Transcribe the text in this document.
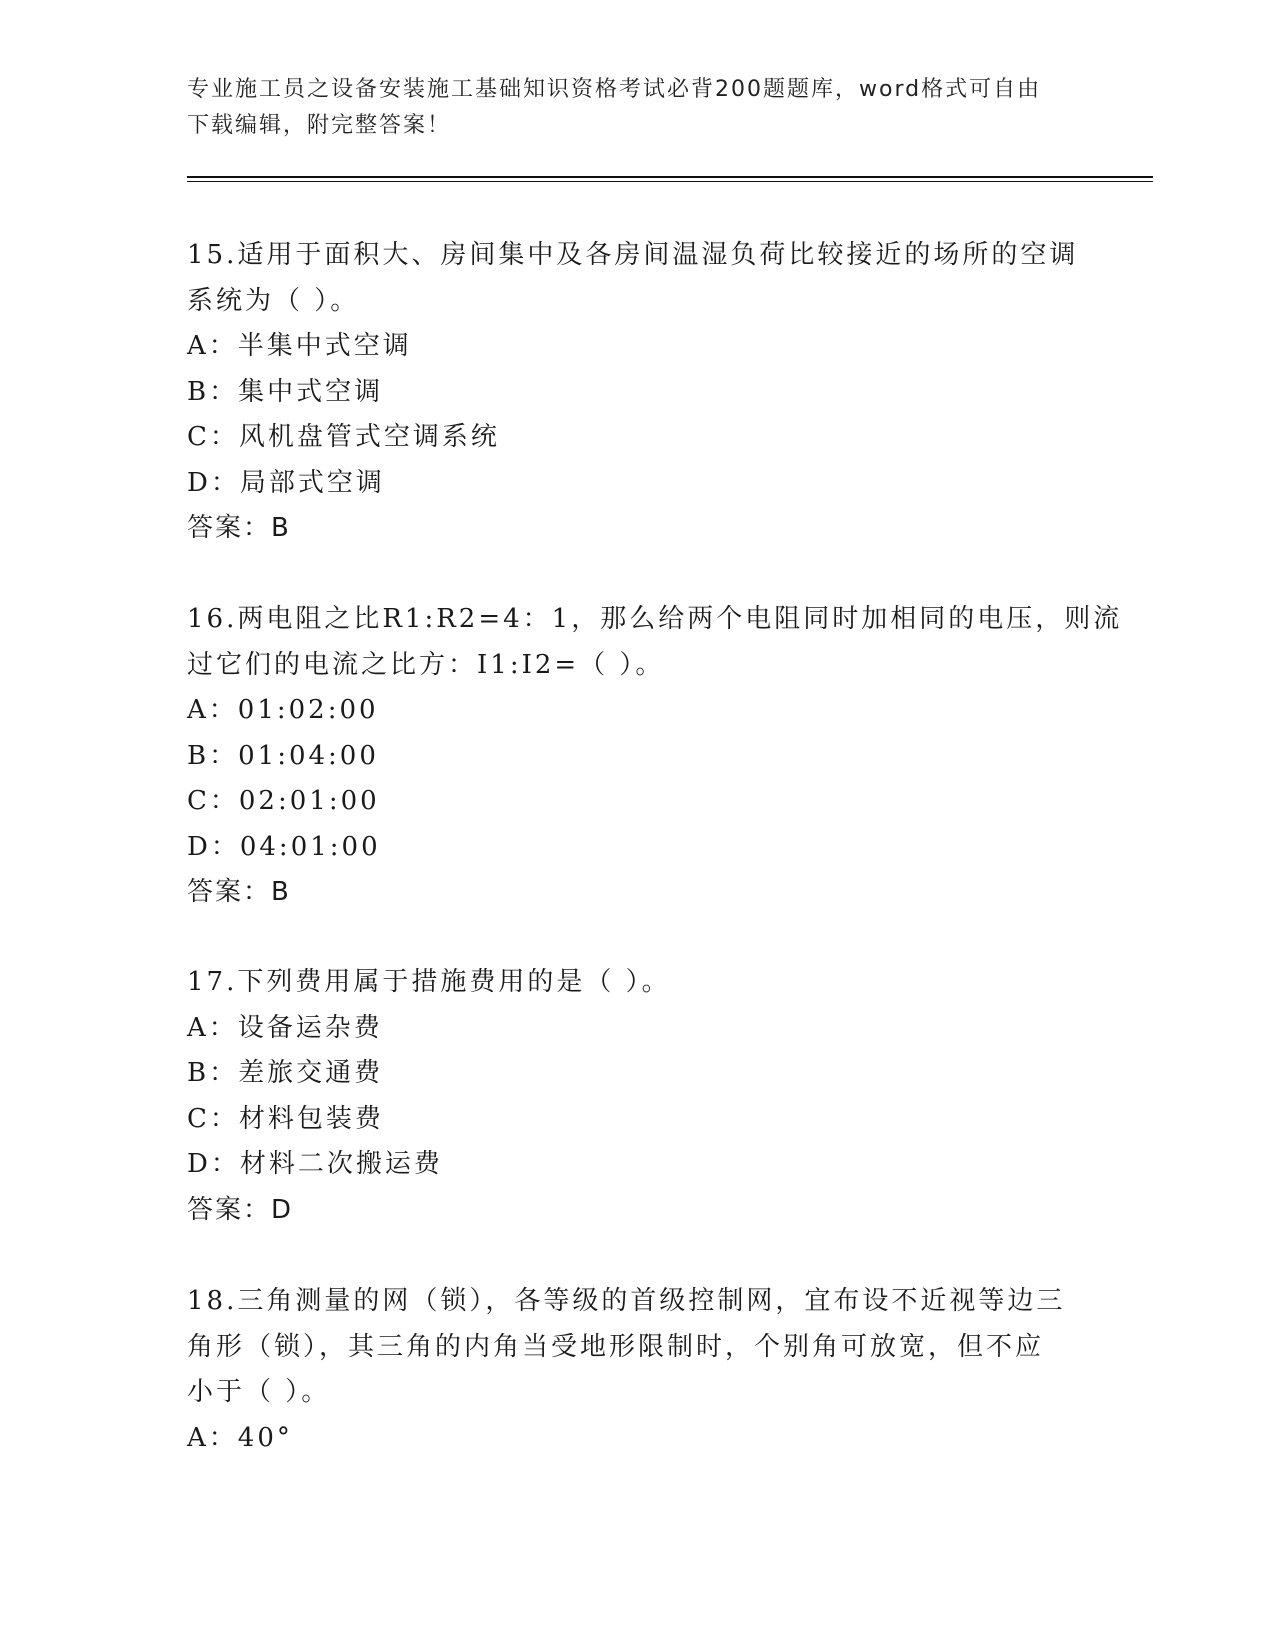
专业施工员之设备安装施工基础知识资格考试必背200题题库，word格式可自由
下载编辑，附完整答案！
15.适用于面积大、房间集中及各房间温湿负荷比较接近的场所的空调
系统为（ ）。
A：半集中式空调
B：集中式空调
C：风机盘管式空调系统
D：局部式空调
答案：B
16.两电阻之比R1:R2=4：1，那么给两个电阻同时加相同的电压，则流
过它们的电流之比方：I1:I2=（ ）。
A：01:02:00
B：01:04:00
C：02:01:00
D：04:01:00
答案：B
17.下列费用属于措施费用的是（ ）。
A：设备运杂费
B：差旅交通费
C：材料包装费
D：材料二次搬运费
答案：D
18.三角测量的网（锁），各等级的首级控制网，宜布设不近视等边三
角形（锁），其三角的内角当受地形限制时，个别角可放宽，但不应
小于（ ）。
A：40°
